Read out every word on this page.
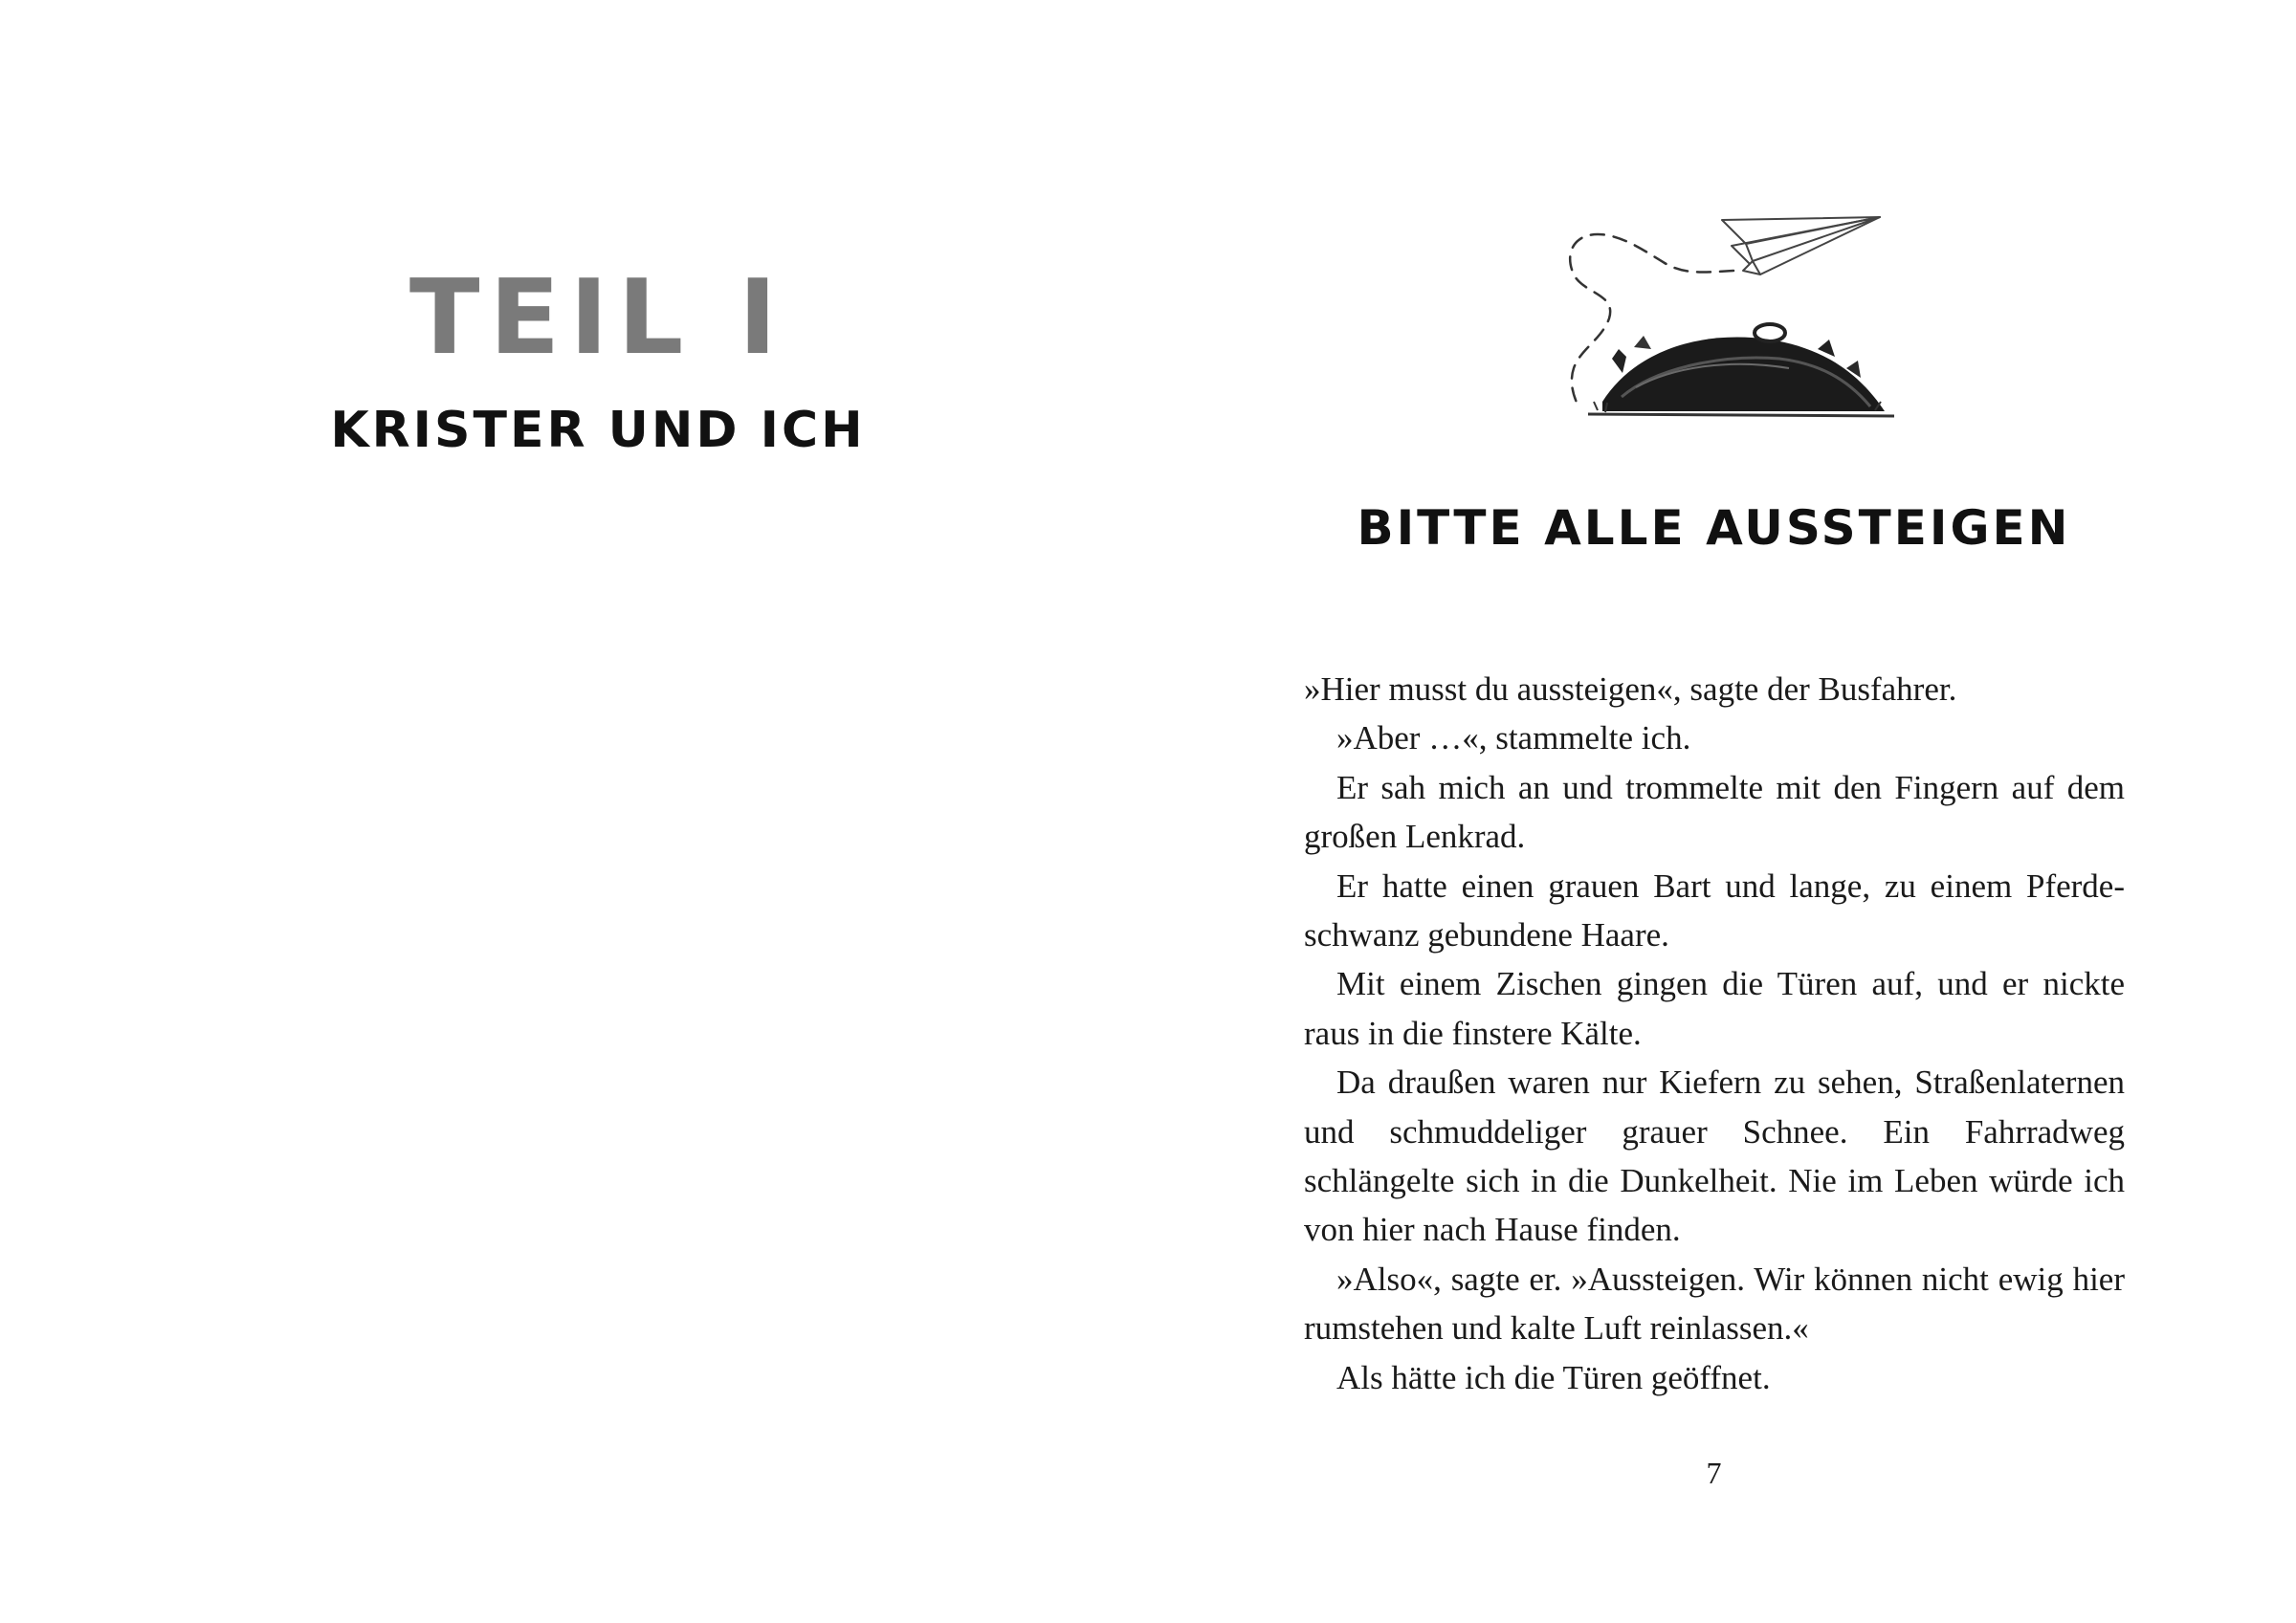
TEIL I
KRISTER UND ICH
BITTE ALLE AUSSTEIGEN

»Hier musst du aussteigen«, sagte der Busfahrer.

»Aber …«, stammelte ich.

Er sah mich an und trommelte mit den Fingern auf dem großen Lenkrad.

Er hatte einen grauen Bart und lange, zu einem Pferdeschwanz gebundene Haare.

Mit einem Zischen gingen die Türen auf, und er nickte raus in die finstere Kälte.

Da draußen waren nur Kiefern zu sehen, Straßenlaternen und schmuddeliger grauer Schnee. Ein Fahrradweg schlängelte sich in die Dunkelheit. Nie im Leben würde ich von hier nach Hause finden.

»Also«, sagte er. »Aussteigen. Wir können nicht ewig hier rumstehen und kalte Luft reinlassen.«

Als hätte ich die Türen geöffnet.

7
